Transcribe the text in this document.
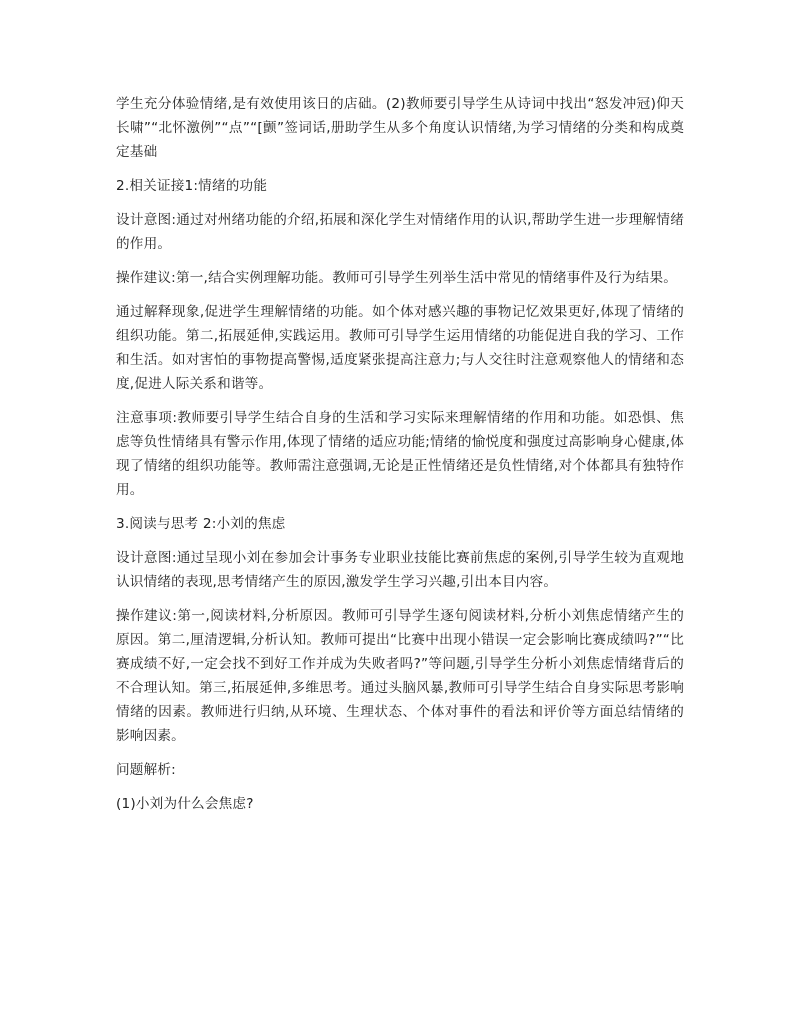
学生充分体验情绪,是有效使用该日的店础。(2)教师要引导学生从诗词中找出“怒发冲冠)仰天长啸”“北怀激例”“点”“[颤”签词话,册助学生从多个角度认识情绪,为学习情绪的分类和构成奠定基础

2.相关证接1:情绪的功能

设计意图:通过对州绪功能的介绍,拓展和深化学生对情绪作用的认识,帮助学生进一步理解情绪的作用。

操作建议:第一,结合实例理解功能。教师可引导学生列举生活中常见的情绪事件及行为结果。

通过解释现象,促进学生理解情绪的功能。如个体对感兴趣的事物记忆效果更好,体现了情绪的组织功能。第二,拓展延伸,实践运用。教师可引导学生运用情绪的功能促进自我的学习、工作和生活。如对害怕的事物提高警惕,适度紧张提高注意力;与人交往时注意观察他人的情绪和态度,促进人际关系和谐等。

注意事项:教师要引导学生结合自身的生活和学习实际来理解情绪的作用和功能。如恐惧、焦虑等负性情绪具有警示作用,体现了情绪的适应功能;情绪的愉悦度和强度过高影响身心健康,体现了情绪的组织功能等。教师需注意强调,无论是正性情绪还是负性情绪,对个体都具有独特作用。

3.阅读与思考 2:小刘的焦虑

设计意图:通过呈现小刘在参加会计事务专业职业技能比赛前焦虑的案例,引导学生较为直观地认识情绪的表现,思考情绪产生的原因,激发学生学习兴趣,引出本目内容。

操作建议:第一,阅读材料,分析原因。教师可引导学生逐句阅读材料,分析小刘焦虑情绪产生的原因。第二,厘清逻辑,分析认知。教师可提出“比赛中出现小错误一定会影响比赛成绩吗?”“比赛成绩不好,一定会找不到好工作并成为失败者吗?”等问题,引导学生分析小刘焦虑情绪背后的不合理认知。第三,拓展延伸,多维思考。通过头脑风暴,教师可引导学生结合自身实际思考影响情绪的因素。教师进行归纳,从环境、生理状态、个体对事件的看法和评价等方面总结情绪的影响因素。

问题解析:

(1)小刘为什么会焦虑?
